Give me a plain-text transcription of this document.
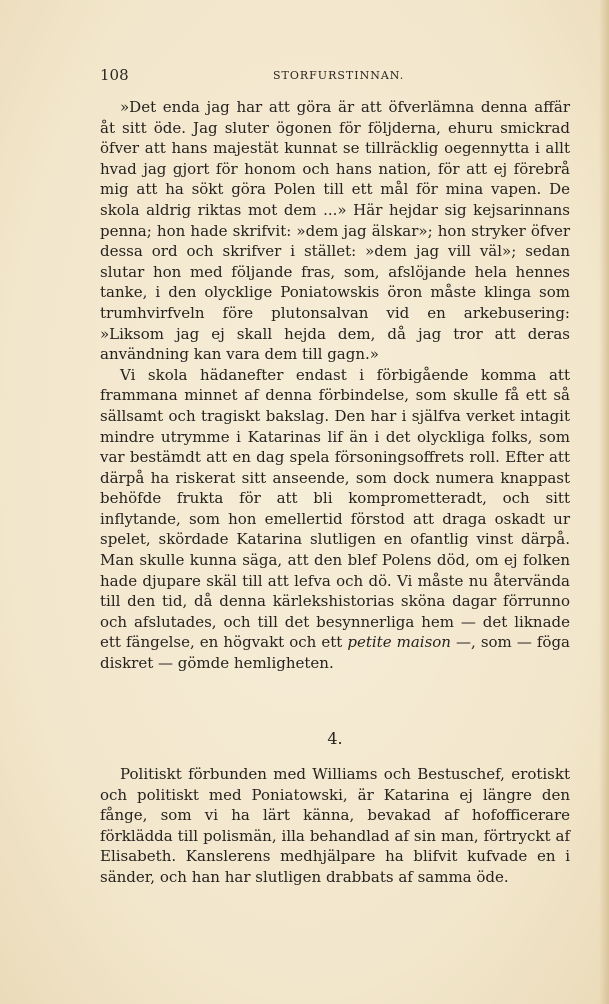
108	STORFURSTINNAN.

»Det enda jag har att göra är att öfverlämna denna affär åt sitt öde. Jag sluter ögonen för följderna, ehuru smickrad öfver att hans majestät kunnat se tillräcklig oegennytta i allt hvad jag gjort för honom och hans nation, för att ej förebrå mig att ha sökt göra Polen till ett mål för mina vapen. De skola aldrig riktas mot dem ...» Här hejdar sig kejsarinnans penna; hon hade skrifvit: »dem jag älskar»; hon stryker öfver dessa ord och skrifver i stället: »dem jag vill väl»; sedan slutar hon med följande fras, som, afslöjande hela hennes tanke, i den olycklige Poniatowskis öron måste klinga som trumhvirfveln före plutonsalvan vid en arkebusering: »Liksom jag ej skall hejda dem, då jag tror att deras användning kan vara dem till gagn.»

Vi skola hädanefter endast i förbigående komma att frammana minnet af denna förbindelse, som skulle få ett så sällsamt och tragiskt bakslag. Den har i själfva verket intagit mindre utrymme i Katarinas lif än i det olyckliga folks, som var bestämdt att en dag spela försoningsoffrets roll. Efter att därpå ha riskerat sitt anseende, som dock numera knappast behöfde frukta för att bli komprometteradt, och sitt inflytande, som hon emellertid förstod att draga oskadt ur spelet, skördade Katarina slutligen en ofantlig vinst därpå. Man skulle kunna säga, att den blef Polens död, om ej folken hade djupare skäl till att lefva och dö. Vi måste nu återvända till den tid, då denna kärlekshistorias sköna dagar förrunno och afslutades, och till det besynnerliga hem — det liknade ett fängelse, en högvakt och ett petite maison —, som — föga diskret — gömde hemligheten.

4.

Politiskt förbunden med Williams och Bestuschef, erotiskt och politiskt med Poniatowski, är Katarina ej längre den fånge, som vi ha lärt känna, bevakad af hofofficerare förklädda till polismän, illa behandlad af sin man, förtryckt af Elisabeth. Kanslerens medhjälpare ha blifvit kufvade en i sänder, och han har slutligen drabbats af samma öde.
